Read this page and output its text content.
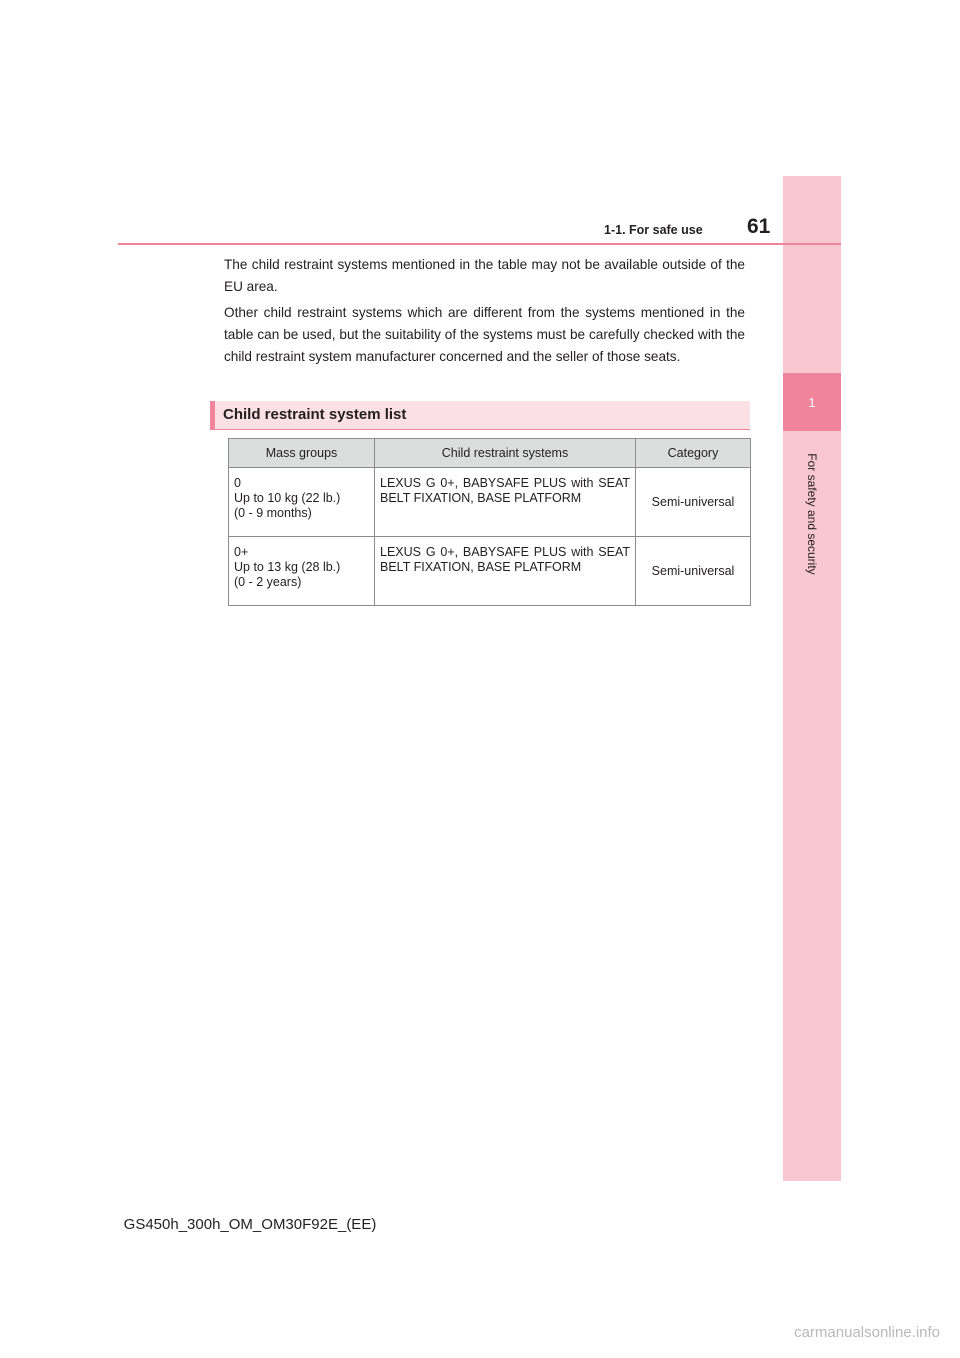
1
For safety and security
1-1. For safe use 61

The child restraint systems mentioned in the table may not be available outside of the EU area.

Other child restraint systems which are different from the systems mentioned in the table can be used, but the suitability of the systems must be carefully checked with the child restraint system manufacturer concerned and the seller of those seats.

Child restraint system list
Mass groups	Child restraint systems	Category

0
Up to 10 kg (22 lb.)
(0 - 9 months)	LEXUS G 0+, BABYSAFE PLUS with SEAT BELT FIXATION, BASE PLATFORM	Semi-universal

0+
Up to 13 kg (28 lb.)
(0 - 2 years)	LEXUS G 0+, BABYSAFE PLUS with SEAT BELT FIXATION, BASE PLATFORM	Semi-universal
GS450h_300h_OM_OM30F92E_(EE)
carmanualsonline.info
